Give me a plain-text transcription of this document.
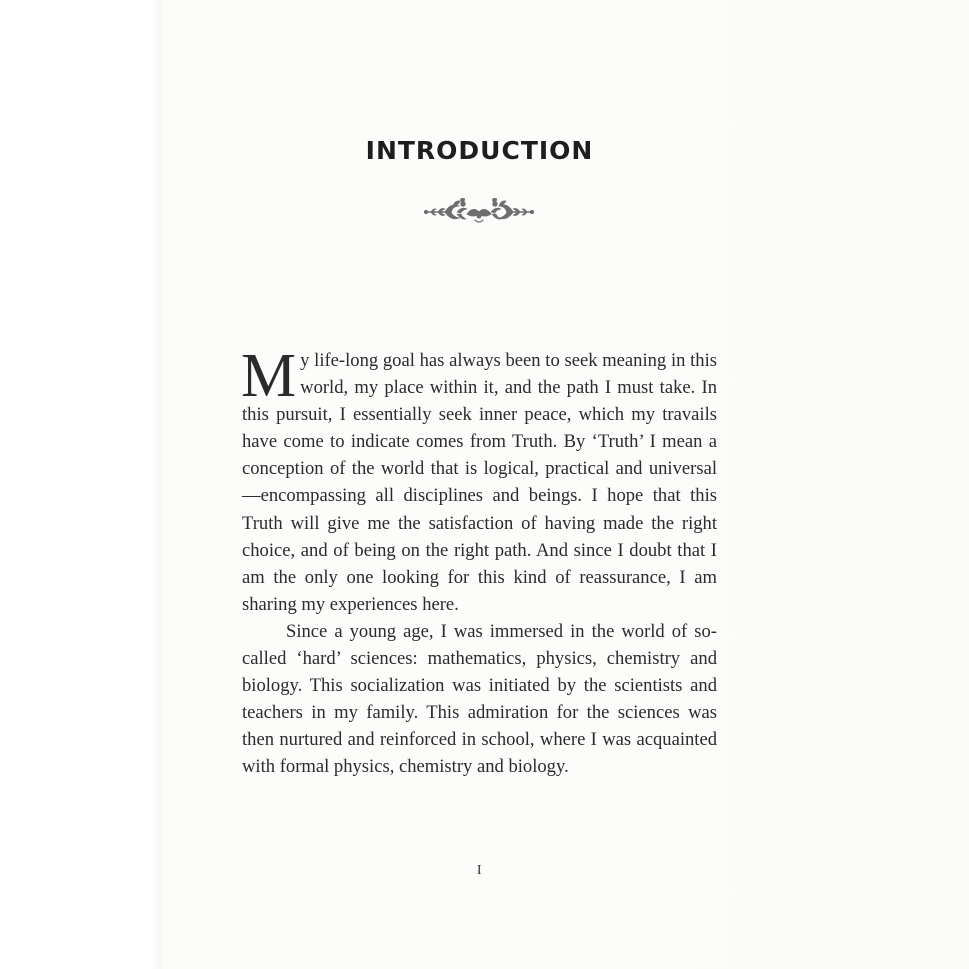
INTRODUCTION

My life-long goal has always been to seek meaning in this world, my place within it, and the path I must take. In this pursuit, I essentially seek inner peace, which my travails have come to indicate comes from Truth. By ‘Truth’ I mean a conception of the world that is logical, practical and universal—encompassing all disciplines and beings. I hope that this Truth will give me the satisfaction of having made the right choice, and of being on the right path. And since I doubt that I am the only one looking for this kind of reassurance, I am sharing my experiences here.

Since a young age, I was immersed in the world of so-called ‘hard’ sciences: mathematics, physics, chemistry and biology. This socialization was initiated by the scientists and teachers in my family. This admiration for the sciences was then nurtured and reinforced in school, where I was acquainted with formal physics, chemistry and biology.

I
